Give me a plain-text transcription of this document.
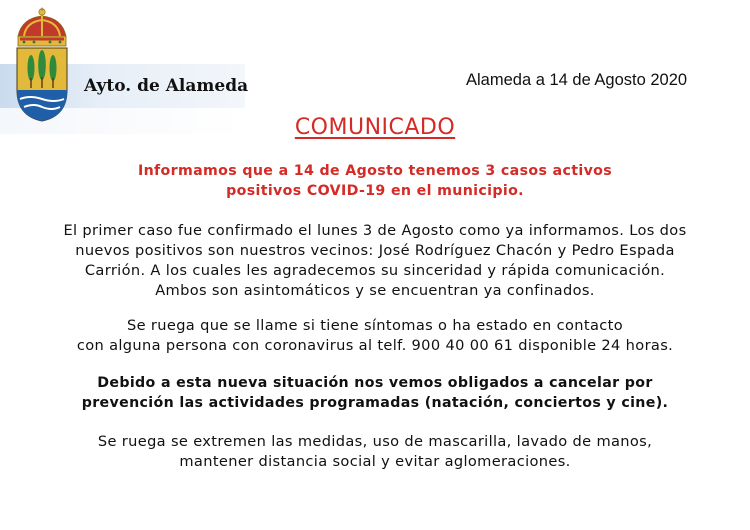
Ayto. de Alameda	Alameda a 14 de Agosto 2020
COMUNICADO
Informamos que a 14 de Agosto tenemos 3 casos activos
positivos COVID-19 en el municipio.
El primer caso fue confirmado el lunes 3 de Agosto como ya informamos. Los dos
nuevos positivos son nuestros vecinos: José Rodríguez Chacón y Pedro Espada
Carrión. A los cuales les agradecemos su sinceridad y rápida comunicación.
Ambos son asintomáticos y se encuentran ya confinados.
Se ruega que se llame si tiene síntomas o ha estado en contacto
con alguna persona con coronavirus al telf. 900 40 00 61 disponible 24 horas.
Debido a esta nueva situación nos vemos obligados a cancelar por
prevención las actividades programadas (natación, conciertos y cine).
Se ruega se extremen las medidas, uso de mascarilla, lavado de manos,
mantener distancia social y evitar aglomeraciones.
